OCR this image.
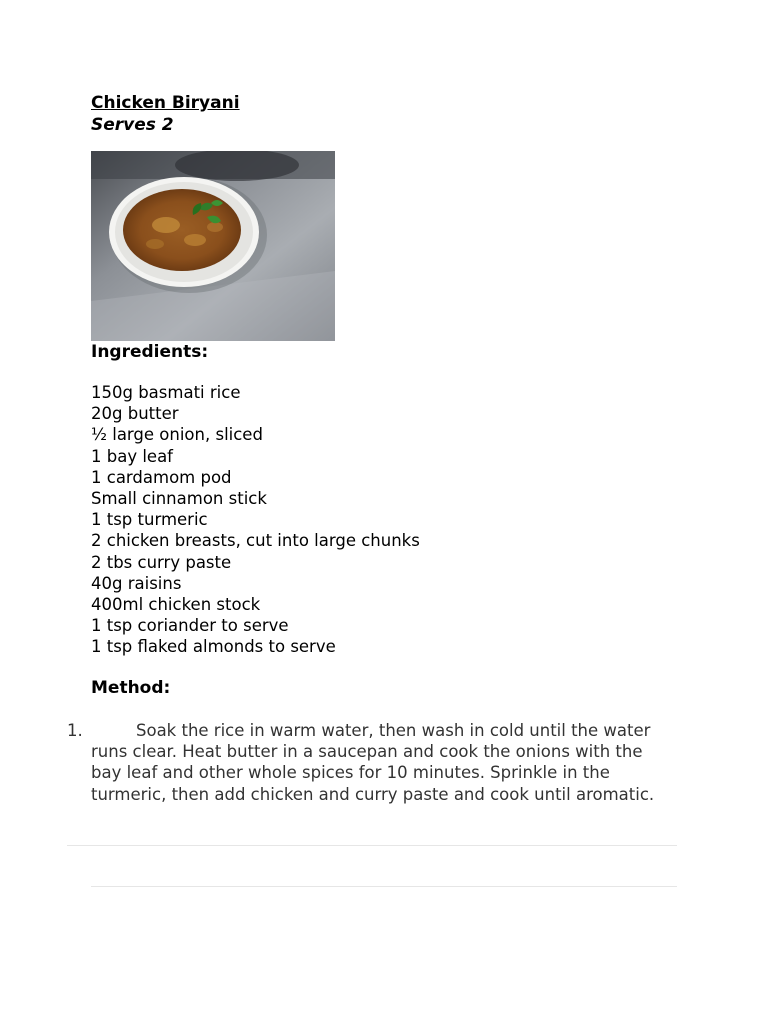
Chicken Biryani
Serves 2
Ingredients:
150g basmati rice
20g butter
½ large onion, sliced
1 bay leaf
1 cardamom pod
Small cinnamon stick
1 tsp turmeric
2 chicken breasts, cut into large chunks
2 tbs curry paste
40g raisins
400ml chicken stock
1 tsp coriander to serve
1 tsp flaked almonds to serve
Method:
1.	Soak the rice in warm water, then wash in cold until the water runs clear. Heat butter in a saucepan and cook the onions with the bay leaf and other whole spices for 10 minutes. Sprinkle in the turmeric, then add chicken and curry paste and cook until aromatic.
